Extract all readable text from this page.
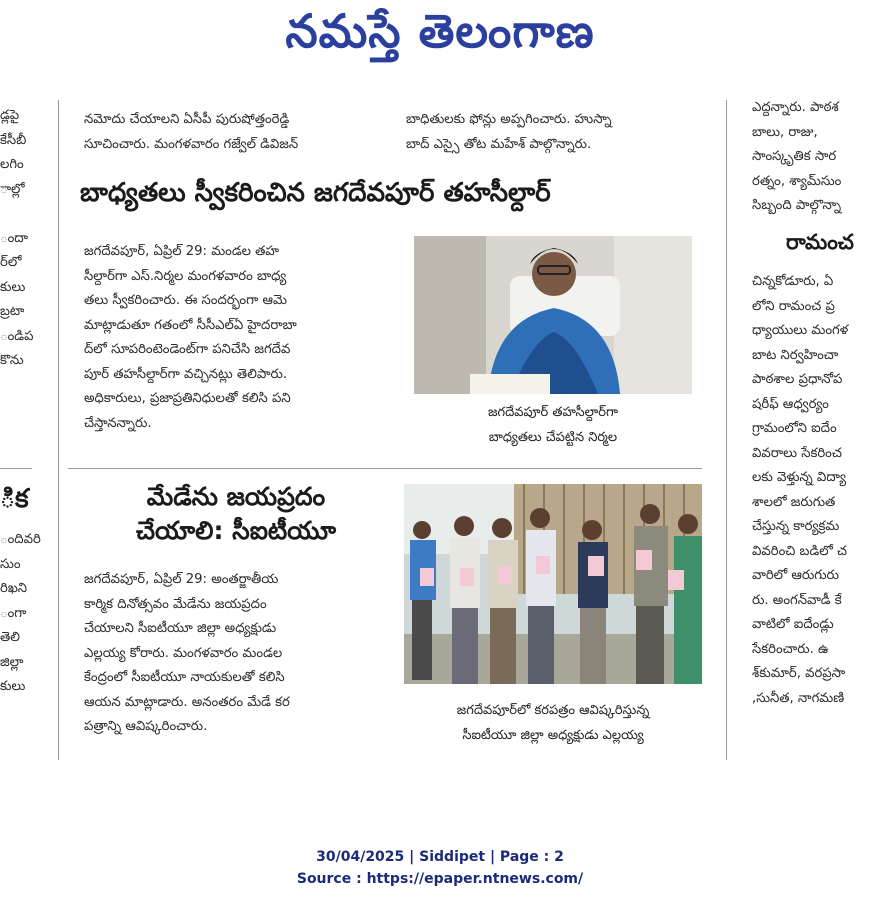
నమస్తే తెలంగాణ
డ్లపై
కేసీబీ
లగిం
ాల్లో
ందా
ర్‌లో
కులు
బ్రటా
ండిప
కొను
ిక
ందివరి
సుం
రిఖని
ంగా
తెలి
జిల్లా
కులు
నమోదు చేయాలని ఏసీపీ పురుషోత్తంరెడ్డి
సూచించారు. మంగళవారం గజ్వేల్ డివిజన్
బాధితులకు ఫోన్లు అప్పగించారు. హుస్నా
బాద్ ఎస్సై తోట మహేశ్ పాల్గొన్నారు.
బాధ్యతలు స్వీకరించిన జగదేవపూర్ తహసీల్దార్
జగదేవపూర్, ఏప్రిల్ 29: మండల తహ
సీల్దార్‌గా ఎస్.నిర్మల మంగళవారం బాధ్య
తలు స్వీకరించారు. ఈ సందర్భంగా ఆమె
మాట్లాడుతూ గతంలో సీసీఎల్ఏ హైదరాబా
ద్‌లో సూపరింటెండెంట్‌గా పనిచేసి జగదేవ
పూర్ తహసీల్దార్‌గా వచ్చినట్లు తెలిపారు.
అధికారులు, ప్రజాప్రతినిధులతో కలిసి పని
చేస్తానన్నారు.
జగదేవపూర్ తహసీల్దార్‌గా
బాధ్యతలు చేపట్టిన నిర్మల
మేడేను జయప్రదం
చేయాలి: సీఐటీయూ
జగదేవపూర్, ఏప్రిల్ 29: అంతర్జాతీయ
కార్మిక దినోత్సవం మేడేను జయప్రదం
చేయాలని సీఐటీయూ జిల్లా అధ్యక్షుడు
ఎల్లయ్య కోరారు. మంగళవారం మండల
కేంద్రంలో సీఐటీయూ నాయకులతో కలిసి
ఆయన మాట్లాడారు. అనంతరం మేడే కర
పత్రాన్ని ఆవిష్కరించారు.
జగదేవపూర్‌లో కరపత్రం ఆవిష్కరిస్తున్న
సీఐటీయూ జిల్లా అధ్యక్షుడు ఎల్లయ్య
ఎద్దన్నారు. పాఠశ
బాలు, రాజు,
సాంస్కృతిక సార
రత్నం, శ్యామ్‌సుం
సిబ్బంది పాల్గొన్నా
రామంచ
చిన్నకోడూరు, ఏ
లోని రామంచ ప్ర
ధ్యాయులు మంగళ
బాట నిర్వహించా
పాఠశాల ప్రధానోప
షరీఫ్ ఆధ్వర్యం
గ్రామంలోని ఐదేం
వివరాలు సేకరించ
లకు వెళ్తున్న విద్యా
శాలలో జరుగుత
చేస్తున్న కార్యక్రమ
వివరించి బడిలో చ
వారిలో ఆరుగురు
రు. అంగన్‌వాడీ కే
వాటిలో ఐదేండ్లు
సేకరించారు. ఉ
శ్‌కుమార్, వరప్రసా
,సునీత, నాగమణి
30/04/2025 | Siddipet | Page : 2
Source : https://epaper.ntnews.com/
